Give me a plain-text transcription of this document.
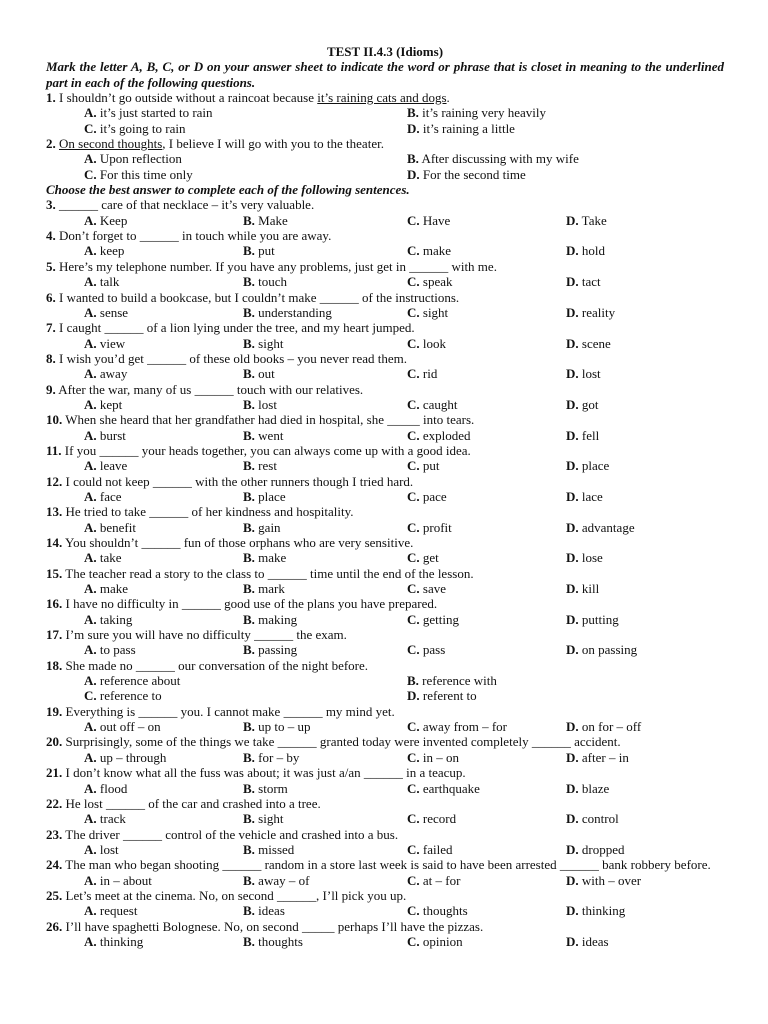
TEST II.4.3 (Idioms)
Mark the letter A, B, C, or D on your answer sheet to indicate the word or phrase that is closet in meaning to the underlined part in each of the following questions.
1. I shouldn’t go outside without a raincoat because it’s raining cats and dogs.
A. it’s just started to rain	B. it’s raining very heavily
C. it’s going to rain	D. it’s raining a little
2. On second thoughts, I believe I will go with you to the theater.
A. Upon reflection	B. After discussing with my wife
C. For this time only	D. For the second time
Choose the best answer to complete each of the following sentences.
3. ______ care of that necklace – it’s very valuable.
A. Keep	B. Make	C. Have	D. Take
4. Don’t forget to ______ in touch while you are away.
A. keep	B. put	C. make	D. hold
5. Here’s my telephone number. If you have any problems, just get in ______ with me.
A. talk	B. touch	C. speak	D. tact
6. I wanted to build a bookcase, but I couldn’t make ______ of the instructions.
A. sense	B. understanding	C. sight	D. reality
7. I caught ______ of a lion lying under the tree, and my heart jumped.
A. view	B. sight	C. look	D. scene
8. I wish you’d get ______ of these old books – you never read them.
A. away	B. out	C. rid	D. lost
9. After the war, many of us ______ touch with our relatives.
A. kept	B. lost	C. caught	D. got
10. When she heard that her grandfather had died in hospital, she _____ into tears.
A. burst	B. went	C. exploded	D. fell
11. If you ______ your heads together, you can always come up with a good idea.
A. leave	B. rest	C. put	D. place
12. I could not keep ______ with the other runners though I tried hard.
A. face	B. place	C. pace	D. lace
13. He tried to take ______ of her kindness and hospitality.
A. benefit	B. gain	C. profit	D. advantage
14. You shouldn’t ______ fun of those orphans who are very sensitive.
A. take	B. make	C. get	D. lose
15. The teacher read a story to the class to ______ time until the end of the lesson.
A. make	B. mark	C. save	D. kill
16. I have no difficulty in ______ good use of the plans you have prepared.
A. taking	B. making	C. getting	D. putting
17. I’m sure you will have no difficulty ______ the exam.
A. to pass	B. passing	C. pass	D. on passing
18. She made no ______ our conversation of the night before.
A. reference about	B. reference with
C. reference to	D. referent to
19. Everything is ______ you. I cannot make ______ my mind yet.
A. out off – on	B. up to – up	C. away from – for	D. on for – off
20. Surprisingly, some of the things we take ______ granted today were invented completely ______ accident.
A. up – through	B. for – by	C. in – on	D. after – in
21. I don’t know what all the fuss was about; it was just a/an ______ in a teacup.
A. flood	B. storm	C. earthquake	D. blaze
22. He lost ______ of the car and crashed into a tree.
A. track	B. sight	C. record	D. control
23. The driver ______ control of the vehicle and crashed into a bus.
A. lost	B. missed	C. failed	D. dropped
24. The man who began shooting ______ random in a store last week is said to have been arrested ______ bank robbery before.
A. in – about	B. away – of	C. at – for	D. with – over
25. Let’s meet at the cinema. No, on second ______, I’ll pick you up.
A. request	B. ideas	C. thoughts	D. thinking
26. I’ll have spaghetti Bolognese. No, on second _____ perhaps I’ll have the pizzas.
A. thinking	B. thoughts	C. opinion	D. ideas
